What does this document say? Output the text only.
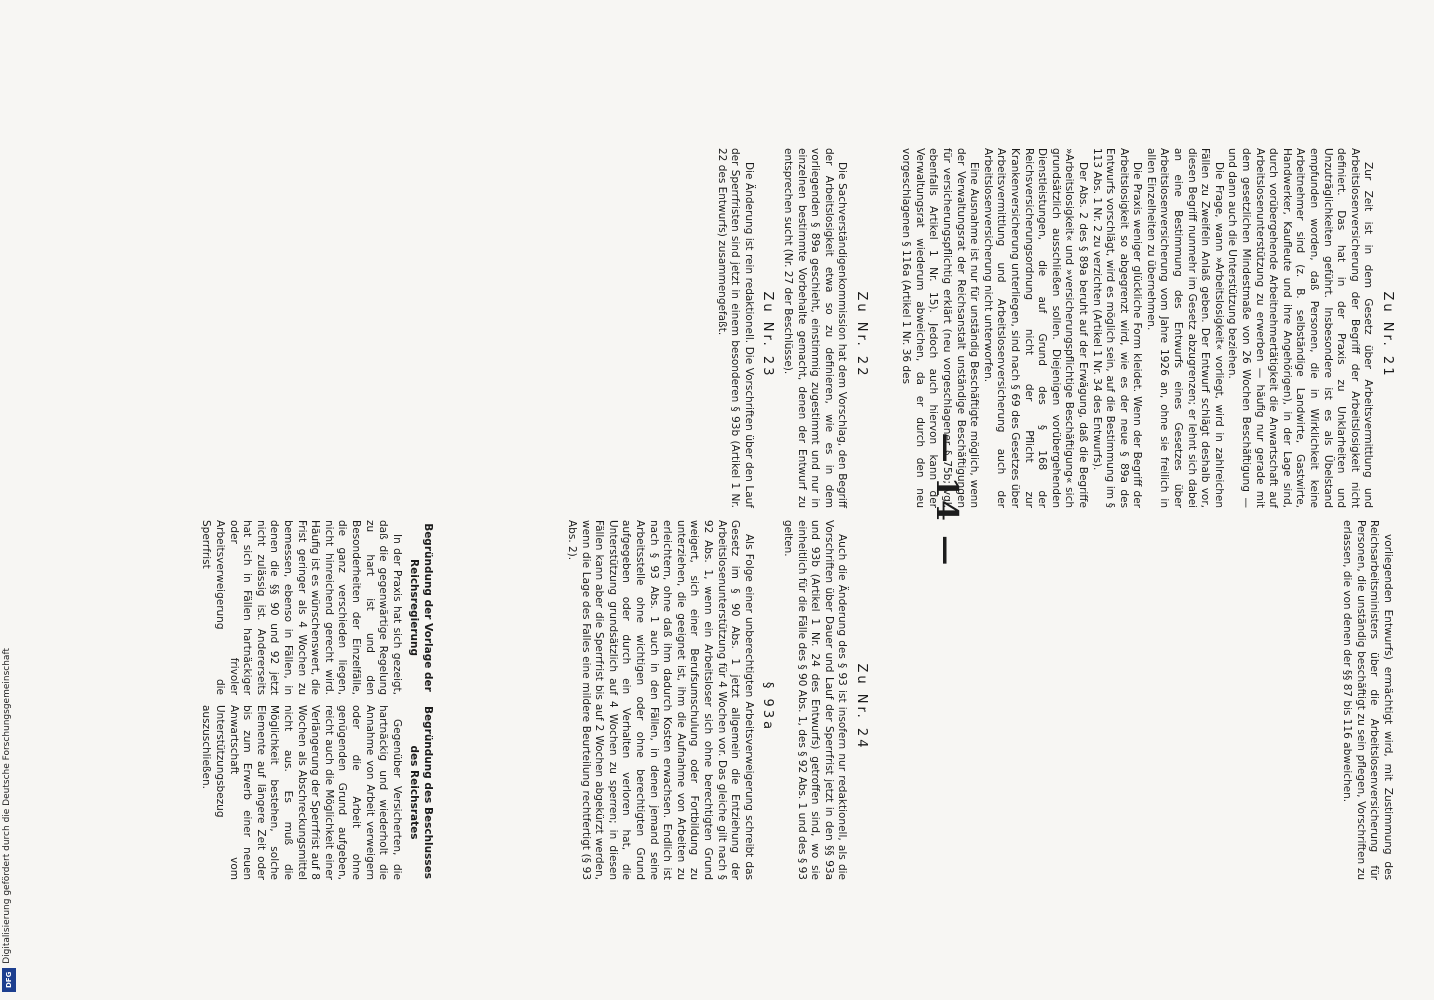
Digitalisierung gefördert durch die Deutsche Forschungsgemeinschaft
DFG
— 14 —
Zu Nr. 21

Zur Zeit ist in dem Gesetz über Arbeitsvermittlung und Arbeitslosenversicherung der Begriff der Arbeitslosigkeit nicht definiert. Das hat in der Praxis zu Unklarheiten und Unzuträglichkeiten geführt. Insbesondere ist es als Übelstand empfunden worden, daß Personen, die in Wirklichkeit keine Arbeitnehmer sind (z. B. selbständige Landwirte, Gastwirte, Handwerker, Kaufleute und ihre Angehörigen), in der Lage sind, durch vorübergehende Arbeitnehmertätigkeit die Anwartschaft auf Arbeitslosenunterstützung zu erwerben — häufig nur gerade mit dem gesetzlichen Mindestmaße von 26 Wochen Beschäftigung — und dann auch die Unterstützung beziehen.

Die Frage, wann »Arbeitslosigkeit« vorliegt, wird in zahlreichen Fällen zu Zweifeln Anlaß geben. Der Entwurf schlägt deshalb vor, diesen Begriff nunmehr im Gesetz abzugrenzen; er lehnt sich dabei an eine Bestimmung des Entwurfs eines Gesetzes über Arbeitslosenversicherung vom Jahre 1926 an, ohne sie freilich in allen Einzelheiten zu übernehmen.

Die Praxis weniger glückliche Form kleidet. Wenn der Begriff der Arbeitslosigkeit so abgegrenzt wird, wie es der neue § 89a des Entwurfs vorschlägt, wird es möglich sein, auf die Bestimmung im § 113 Abs. 1 Nr. 2 zu verzichten (Artikel 1 Nr. 34 des Entwurfs).

Der Abs. 2 des § 89a beruht auf der Erwägung, daß die Begriffe »Arbeitslosigkeit« und »versicherungspflichtige Beschäftigung« sich grundsätzlich ausschließen sollen. Diejenigen vorübergehenden Dienstleistungen, die auf Grund des § 168 der Reichsversicherungsordnung nicht der Pflicht zur Krankenversicherung unterliegen, sind nach § 69 des Gesetzes über Arbeitsvermittlung und Arbeitslosenversicherung auch der Arbeitslosenversicherung nicht unterworfen.

Eine Ausnahme ist nur für unständig Beschäftigte möglich, wenn der Verwaltungsrat der Reichsanstalt unständige Beschäftigungen für versicherungspflichtig erklärt (neu vorgeschlagener § 75b; vgl. ebenfalls Artikel 1 Nr. 15). Jedoch auch hiervon kann der Verwaltungsrat wiederum abweichen, da er durch den neu vorgeschlagenen § 116a (Artikel 1 Nr. 36 des

vorliegenden Entwurfs) ermächtigt wird, mit Zustimmung des Reichsarbeitsministers über die Arbeitslosenversicherung für Personen, die unständig beschäftigt zu sein pflegen, Vorschriften zu erlassen, die von denen der §§ 87 bis 116 abweichen.

Zu Nr. 22

Die Sachverständigenkommission hat dem Vorschlag, den Begriff der Arbeitslosigkeit etwa so zu definieren, wie es in dem vorliegenden § 89a geschieht, einstimmig zugestimmt und nur in einzelnen bestimmte Vorbehalte gemacht, denen der Entwurf zu entsprechen sucht (Nr. 27 der Beschlüsse).

Zu Nr. 23

Die Änderung ist rein redaktionell. Die Vorschriften über den Lauf der Sperrfristen sind jetzt in einem besonderen § 93b (Artikel 1 Nr. 22 des Entwurfs) zusammengefaßt.

Zu Nr. 24

Auch die Änderung des § 93 ist insofern nur redaktionell, als die Vorschriften über Dauer und Lauf der Sperrfrist jetzt in den §§ 93a und 93b (Artikel 1 Nr. 24 des Entwurfs) getroffen sind, wo sie einheitlich für die Fälle des § 90 Abs. 1, des § 92 Abs. 1 und des § 93 gelten.

§ 93a

Als Folge einer unberechtigten Arbeitsverweigerung schreibt das Gesetz im § 90 Abs. 1 jetzt allgemein die Entziehung der Arbeitslosenunterstützung für 4 Wochen vor. Das gleiche gilt nach § 92 Abs. 1, wenn ein Arbeitsloser sich ohne berechtigten Grund weigert, sich einer Berufsumschulung oder Fortbildung zu unterziehen, die geeignet ist, ihm die Aufnahme von Arbeiten zu erleichtern, ohne daß ihm dadurch Kosten erwachsen. Endlich ist nach § 93 Abs. 1 auch in den Fällen, in denen jemand seine Arbeitsstelle ohne wichtigen oder ohne berechtigten Grund aufgegeben oder durch ein Verhalten verloren hat, die Unterstützung grundsätzlich auf 4 Wochen zu sperren; in diesen Fällen kann aber die Sperrfrist bis auf 2 Wochen abgekürzt werden, wenn die Lage des Falles eine mildere Beurteilung rechtfertigt (§ 93 Abs. 2).

Begründung der Vorlage der Reichsregierung
In der Praxis hat sich gezeigt, daß die gegenwärtige Regelung zu hart ist und den Besonderheiten der Einzelfälle, die ganz verschieden liegen, nicht hinreichend gerecht wird. Häufig ist es wünschenswert, die Frist geringer als 4 Wochen zu bemessen, ebenso in Fällen, in denen die §§ 90 und 92 jetzt nicht zulässig ist. Andererseits hat sich in Fällen hartnäckiger oder frivoler Arbeitsverweigerung die Sperrfrist
Begründung des Beschlusses des Reichsrates
Gegenüber Versicherten, die hartnäckig und wiederholt die Annahme von Arbeit verweigern oder die Arbeit ohne genügenden Grund aufgeben, reicht auch die Möglichkeit einer Verlängerung der Sperrfrist auf 8 Wochen als Abschreckungsmittel nicht aus. Es muß die Möglichkeit bestehen, solche Elemente auf längere Zeit oder bis zum Erwerb einer neuen Anwartschaft vom Unterstützungsbezug auszuschließen.
